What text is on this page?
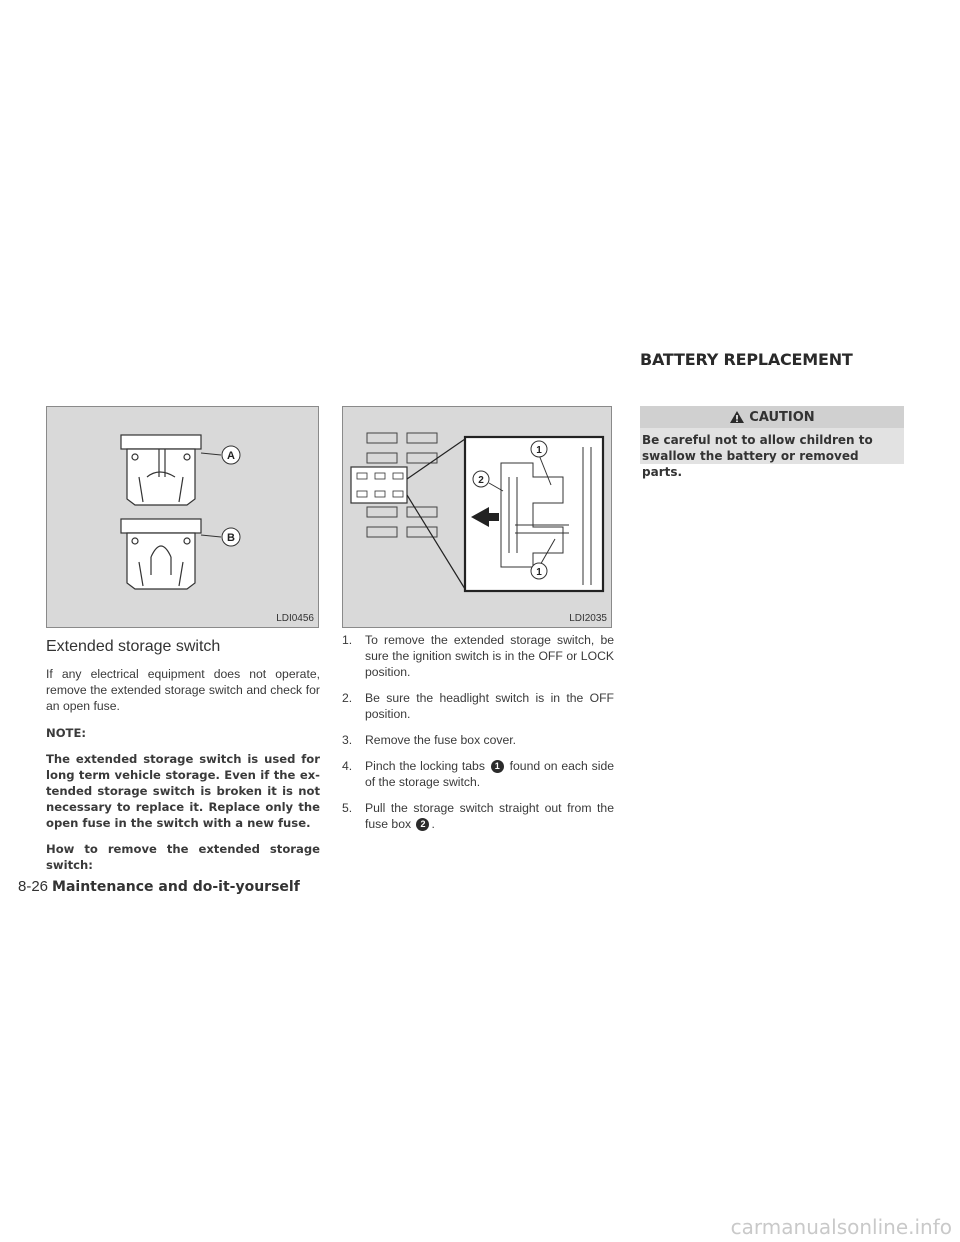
BATTERY REPLACEMENT
A
B
LDI0456
1
2
1
LDI2035
Extended storage switch

If any electrical equipment does not operate, remove the extended storage switch and check for an open fuse.

NOTE:

The extended storage switch is used for long term vehicle storage. Even if the ex-tended storage switch is broken it is not necessary to replace it. Replace only the open fuse in the switch with a new fuse.

How to remove the extended storage switch:

1. To remove the extended storage switch, be sure the ignition switch is in the OFF or LOCK position.

2. Be sure the headlight switch is in the OFF position.

3. Remove the fuse box cover.

4. Pinch the locking tabs 1 found on each side of the storage switch.

5. Pull the storage switch straight out from the fuse box 2 .

CAUTION
Be careful not to allow children to swallow the battery or removed parts.
8-26 Maintenance and do-it-yourself
carmanualsonline.info
